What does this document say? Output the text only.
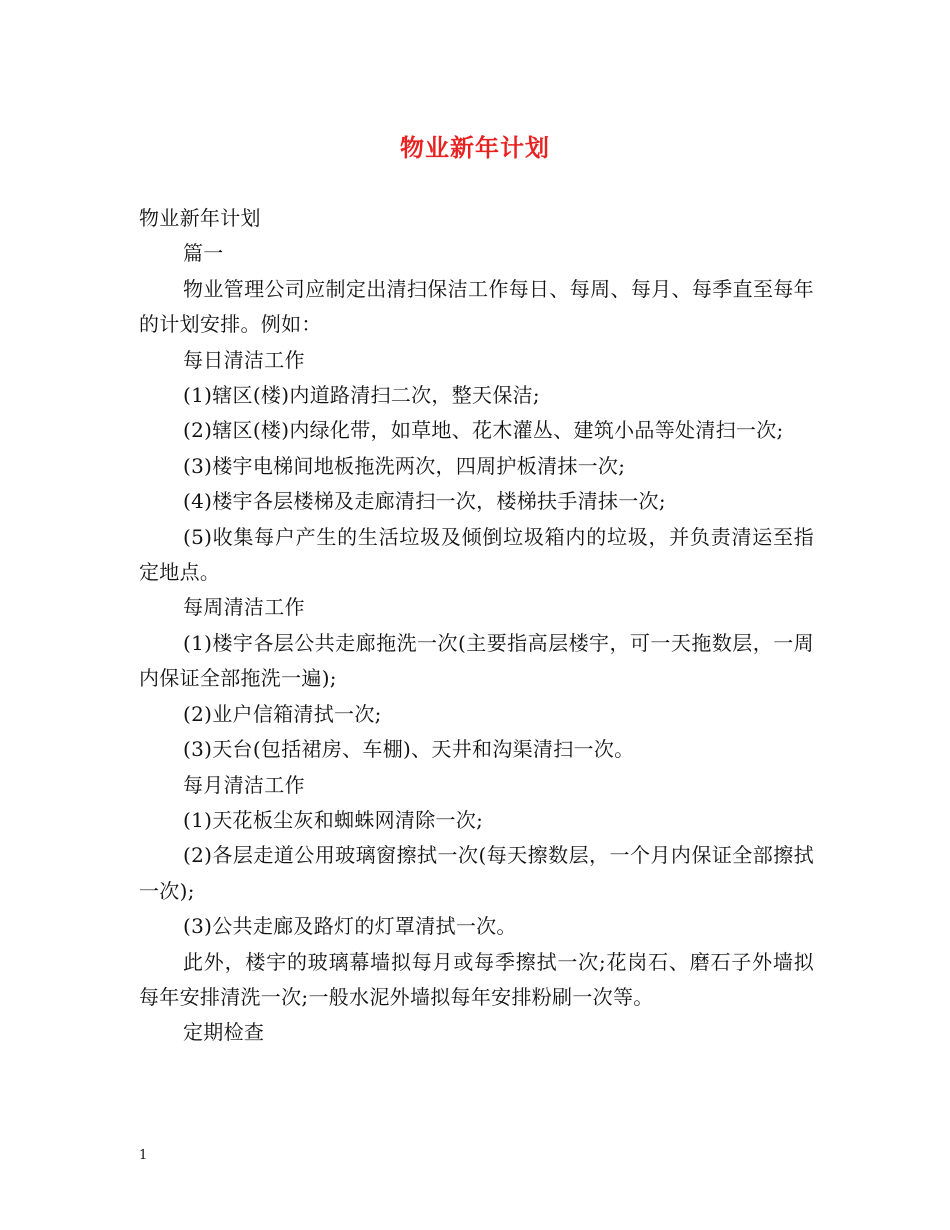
物业新年计划

物业新年计划

篇一

物业管理公司应制定出清扫保洁工作每日、每周、每月、每季直至每年的计划安排。例如：

每日清洁工作

(1)辖区(楼)内道路清扫二次，整天保洁;

(2)辖区(楼)内绿化带，如草地、花木灌丛、建筑小品等处清扫一次;

(3)楼宇电梯间地板拖洗两次，四周护板清抹一次;

(4)楼宇各层楼梯及走廊清扫一次，楼梯扶手清抹一次;

(5)收集每户产生的生活垃圾及倾倒垃圾箱内的垃圾，并负责清运至指定地点。

每周清洁工作

(1)楼宇各层公共走廊拖洗一次(主要指高层楼宇，可一天拖数层，一周内保证全部拖洗一遍);

(2)业户信箱清拭一次;

(3)天台(包括裙房、车棚)、天井和沟渠清扫一次。

每月清洁工作

(1)天花板尘灰和蜘蛛网清除一次;

(2)各层走道公用玻璃窗擦拭一次(每天擦数层，一个月内保证全部擦拭一次);

(3)公共走廊及路灯的灯罩清拭一次。

此外，楼宇的玻璃幕墙拟每月或每季擦拭一次;花岗石、磨石子外墙拟每年安排清洗一次;一般水泥外墙拟每年安排粉刷一次等。

定期检查

1
